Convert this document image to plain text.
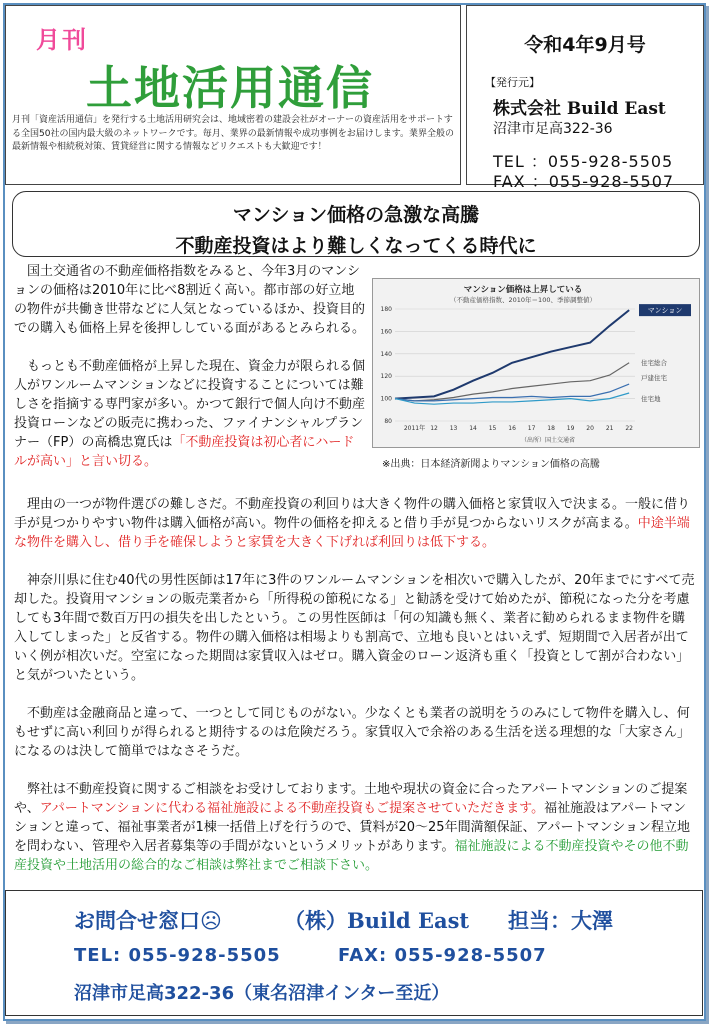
月刊
土地活用通信
月刊「資産活用通信」を発行する土地活用研究会は、地域密着の建設会社がオーナーの資産活用をサポートする全国50社の国内最大級のネットワークです。毎月、業界の最新情報や成功事例をお届けします。業界全般の最新情報や相続税対策、賃貸経営に関する情報などリクエストも大歓迎です！
令和4年9月号
【発行元】
株式会社 Build East
沼津市足高322-36
TEL ：055-928-5505
FAX ：055-928-5507
マンション価格の急激な高騰
不動産投資はより難しくなってくる時代に

国土交通省の不動産価格指数をみると、今年3月のマンションの価格は2010年に比べ8割近く高い。都市部の好立地の物件が共働き世帯などに人気となっているほか、投資目的での購入も価格上昇を後押ししている面があるとみられる。

もっとも不動産価格が上昇した現在、資金力が限られる個人がワンルームマンションなどに投資することについては難しさを指摘する専門家が多い。かつて銀行で個人向け不動産投資ローンなどの販売に携わった、ファイナンシャルプランナー（FP）の高橋忠寛氏は「不動産投資は初心者にハードルが高い」と言い切る。

マンション価格は上昇している
（不動産価格指数、2010年＝100、季節調整値）
80
100
120
140
160
180
2011年 12 13 14 15 16 17 18 19 20 21 22
マンション
住宅総合
戸建住宅
住宅地
（出所）国土交通省
※出典：日本経済新聞よりマンション価格の高騰

理由の一つが物件選びの難しさだ。不動産投資の利回りは大きく物件の購入価格と家賃収入で決まる。一般に借り手が見つかりやすい物件は購入価格が高い。物件の価格を抑えると借り手が見つからないリスクが高まる。中途半端な物件を購入し、借り手を確保しようと家賃を大きく下げれば利回りは低下する。

神奈川県に住む40代の男性医師は17年に3件のワンルームマンションを相次いで購入したが、20年までにすべて売却した。投資用マンションの販売業者から「所得税の節税になる」と勧誘を受けて始めたが、節税になった分を考慮しても3年間で数百万円の損失を出したという。この男性医師は「何の知識も無く、業者に勧められるまま物件を購入してしまった」と反省する。物件の購入価格は相場よりも割高で、立地も良いとはいえず、短期間で入居者が出ていく例が相次いだ。空室になった期間は家賃収入はゼロ。購入資金のローン返済も重く「投資として割が合わない」と気がついたという。

不動産は金融商品と違って、一つとして同じものがない。少なくとも業者の説明をうのみにして物件を購入し、何もせずに高い利回りが得られると期待するのは危険だろう。家賃収入で余裕のある生活を送る理想的な「大家さん」になるのは決して簡単ではなさそうだ。

弊社は不動産投資に関するご相談をお受けしております。土地や現状の資金に合ったアパートマンションのご提案や、アパートマンションに代わる福祉施設による不動産投資もご提案させていただきます。福祉施設はアパートマンションと違って、福祉事業者が1棟一括借上げを行うので、賃料が20～25年間満額保証、アパートマンション程立地を問わない、管理や入居者募集等の手間がないというメリットがあります。福祉施設による不動産投資やその他不動産投資や土地活用の総合的なご相談は弊社までご相談下さい。

お問合せ窓口☹	（株）Build East 担当：大澤
TEL: 055-928-5505	FAX: 055-928-5507
沼津市足高322-36（東名沼津インター至近）
